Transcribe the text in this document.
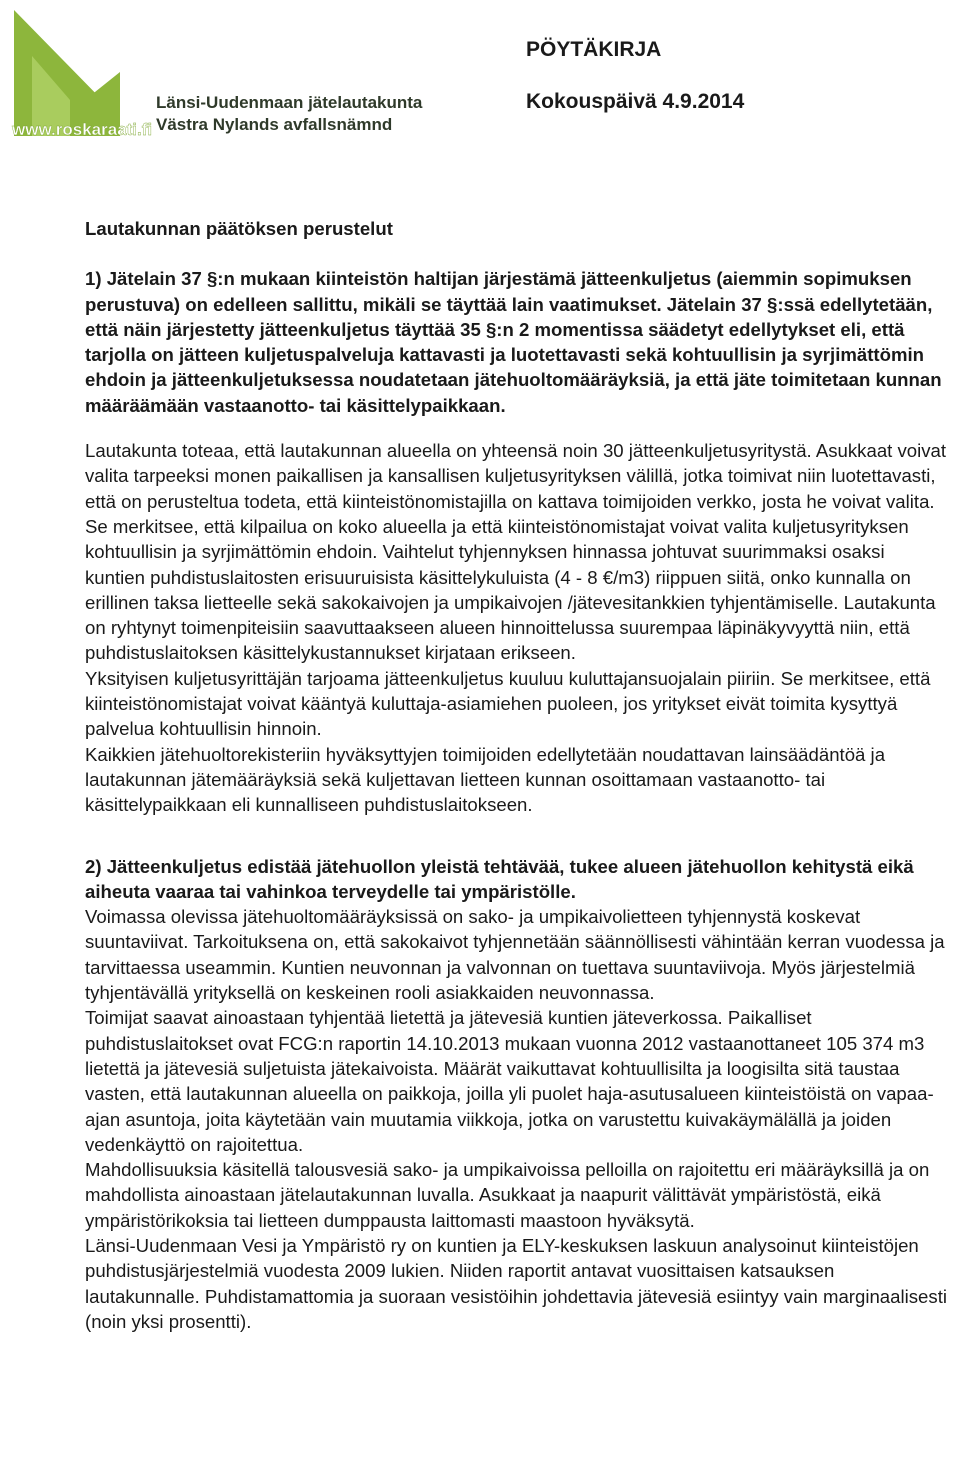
www.roskaraati.fi
Länsi-Uudenmaan jätelautakunta
Västra Nylands avfallsnämnd

PÖYTÄKIRJA

Kokouspäivä 4.9.2014

Lautakunnan päätöksen perustelut

1) Jätelain 37 §:n mukaan kiinteistön haltijan järjestämä jätteenkuljetus (aiemmin sopimuksen perustuva) on edelleen sallittu, mikäli se täyttää lain vaatimukset. Jätelain 37 §:ssä edellytetään, että näin järjestetty jätteenkuljetus täyttää 35 §:n 2 momentissa säädetyt edellytykset eli, että tarjolla on jätteen kuljetuspalveluja kattavasti ja luotettavasti sekä kohtuullisin ja syrjimättömin ehdoin ja jätteenkuljetuksessa noudatetaan jätehuoltomääräyksiä, ja että jäte toimitetaan kunnan määräämään vastaanotto- tai käsittelypaikkaan.

Lautakunta toteaa, että lautakunnan alueella on yhteensä noin 30 jätteenkuljetusyritystä. Asukkaat voivat valita tarpeeksi monen paikallisen ja kansallisen kuljetusyrityksen välillä, jotka toimivat niin luotettavasti, että on perusteltua todeta, että kiinteistönomistajilla on kattava toimijoiden verkko, josta he voivat valita. Se merkitsee, että kilpailua on koko alueella ja että kiinteistönomistajat voivat valita kuljetusyrityksen kohtuullisin ja syrjimättömin ehdoin. Vaihtelut tyhjennyksen hinnassa johtuvat suurimmaksi osaksi kuntien puhdistuslaitosten erisuuruisista käsittelykuluista (4 - 8 €/m3) riippuen siitä, onko kunnalla on erillinen taksa lietteelle sekä sakokaivojen ja umpikaivojen /jätevesitankkien tyhjentämiselle. Lautakunta on ryhtynyt toimenpiteisiin saavuttaakseen alueen hinnoittelussa suurempaa läpinäkyvyyttä niin, että puhdistuslaitoksen käsittelykustannukset kirjataan erikseen.

Yksityisen kuljetusyrittäjän tarjoama jätteenkuljetus kuuluu kuluttajansuojalain piiriin. Se merkitsee, että kiinteistönomistajat voivat kääntyä kuluttaja-asiamiehen puoleen, jos yritykset eivät toimita kysyttyä palvelua kohtuullisin hinnoin.

Kaikkien jätehuoltorekisteriin hyväksyttyjen toimijoiden edellytetään noudattavan lainsäädäntöä ja lautakunnan jätemääräyksiä sekä kuljettavan lietteen kunnan osoittamaan vastaanotto- tai käsittelypaikkaan eli kunnalliseen puhdistuslaitokseen.

2) Jätteenkuljetus edistää jätehuollon yleistä tehtävää, tukee alueen jätehuollon kehitystä eikä aiheuta vaaraa tai vahinkoa terveydelle tai ympäristölle.

Voimassa olevissa jätehuoltomääräyksissä on sako- ja umpikaivolietteen tyhjennystä koskevat suuntaviivat. Tarkoituksena on, että sakokaivot tyhjennetään säännöllisesti vähintään kerran vuodessa ja tarvittaessa useammin. Kuntien neuvonnan ja valvonnan on tuettava suuntaviivoja. Myös järjestelmiä tyhjentävällä yrityksellä on keskeinen rooli asiakkaiden neuvonnassa.

Toimijat saavat ainoastaan tyhjentää lietettä ja jätevesiä kuntien jäteverkossa. Paikalliset puhdistuslaitokset ovat FCG:n raportin 14.10.2013 mukaan vuonna 2012 vastaanottaneet 105 374 m3 lietettä ja jätevesiä suljetuista jätekaivoista. Määrät vaikuttavat kohtuullisilta ja loogisilta sitä taustaa vasten, että lautakunnan alueella on paikkoja, joilla yli puolet haja-asutusalueen kiinteistöistä on vapaa-ajan asuntoja, joita käytetään vain muutamia viikkoja, jotka on varustettu kuivakäymälällä ja joiden vedenkäyttö on rajoitettua.

Mahdollisuuksia käsitellä talousvesiä sako- ja umpikaivoissa pelloilla on rajoitettu eri määräyksillä ja on mahdollista ainoastaan jätelautakunnan luvalla. Asukkaat ja naapurit välittävät ympäristöstä, eikä ympäristörikoksia tai lietteen dumppausta laittomasti maastoon hyväksytä.

Länsi-Uudenmaan Vesi ja Ympäristö ry on kuntien ja ELY-keskuksen laskuun analysoinut kiinteistöjen puhdistusjärjestelmiä vuodesta 2009 lukien. Niiden raportit antavat vuosittaisen katsauksen lautakunnalle. Puhdistamattomia ja suoraan vesistöihin johdettavia jätevesiä esiintyy vain marginaalisesti (noin yksi prosentti).
